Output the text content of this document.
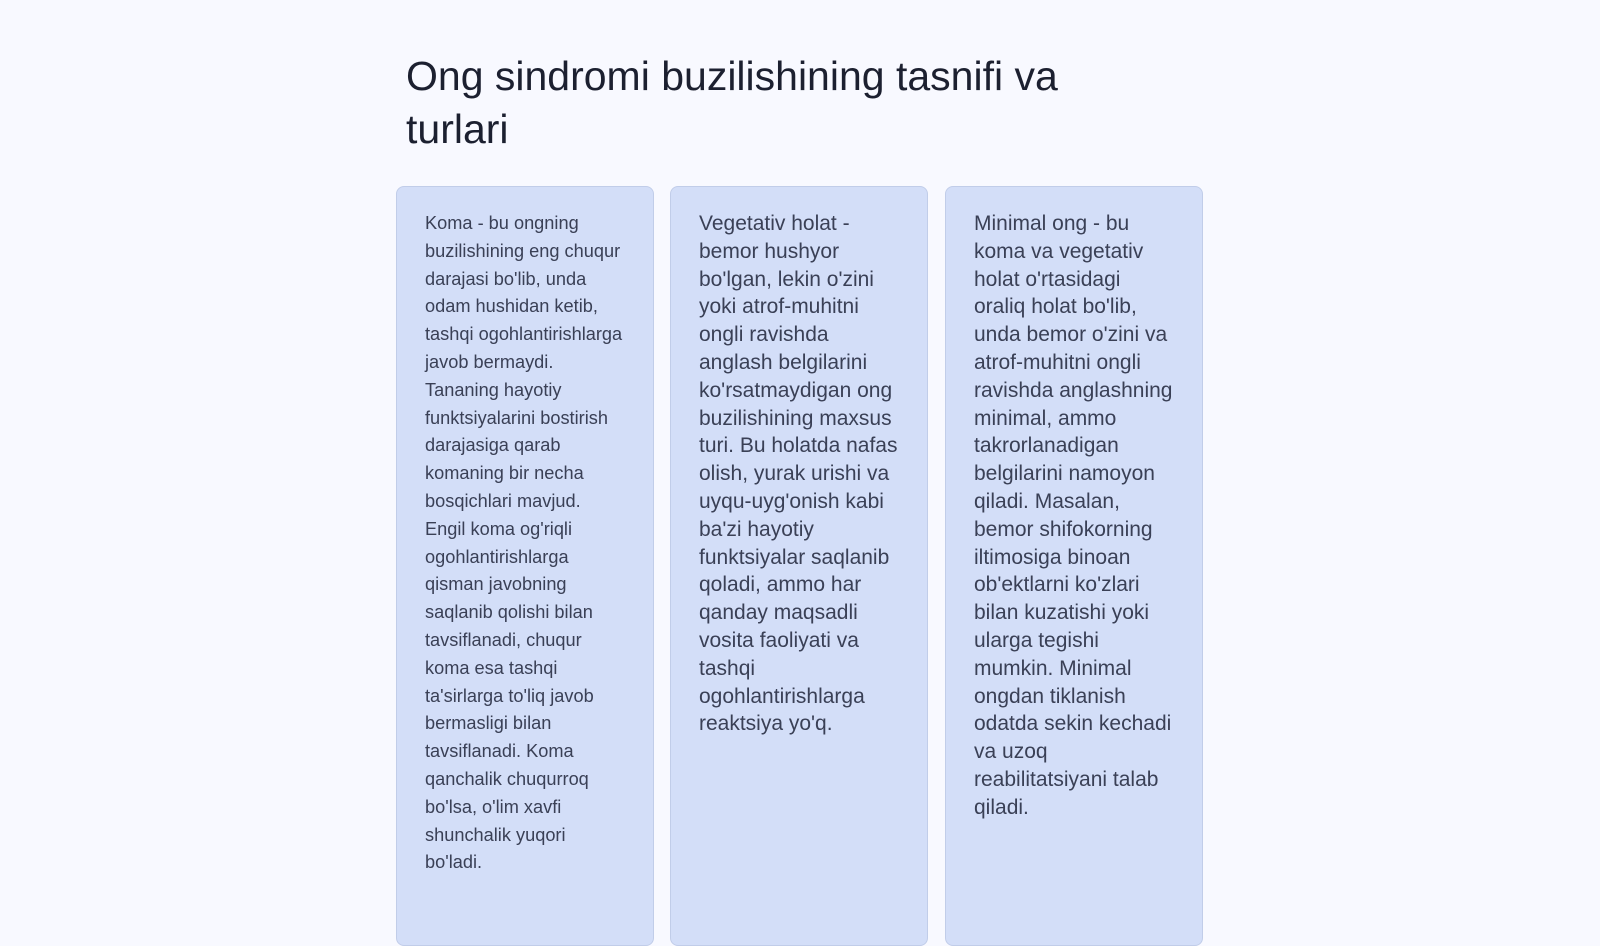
Ong sindromi buzilishining tasnifi va turlari

Koma - bu ongning buzilishining eng chuqur darajasi bo'lib, unda odam hushidan ketib, tashqi ogohlantirishlarga javob bermaydi. Tananing hayotiy funktsiyalarini bostirish darajasiga qarab komaning bir necha bosqichlari mavjud. Engil koma og'riqli ogohlantirishlarga qisman javobning saqlanib qolishi bilan tavsiflanadi, chuqur koma esa tashqi ta'sirlarga to'liq javob bermasligi bilan tavsiflanadi. Koma qanchalik chuqurroq bo'lsa, o'lim xavfi shunchalik yuqori bo'ladi.

Vegetativ holat - bemor hushyor bo'lgan, lekin o'zini yoki atrof-muhitni ongli ravishda anglash belgilarini ko'rsatmaydigan ong buzilishining maxsus turi. Bu holatda nafas olish, yurak urishi va uyqu-uyg'onish kabi ba'zi hayotiy funktsiyalar saqlanib qoladi, ammo har qanday maqsadli vosita faoliyati va tashqi ogohlantirishlarga reaktsiya yo'q.

Minimal ong - bu koma va vegetativ holat o'rtasidagi oraliq holat bo'lib, unda bemor o'zini va atrof-muhitni ongli ravishda anglashning minimal, ammo takrorlanadigan belgilarini namoyon qiladi. Masalan, bemor shifokorning iltimosiga binoan ob'ektlarni ko'zlari bilan kuzatishi yoki ularga tegishi mumkin. Minimal ongdan tiklanish odatda sekin kechadi va uzoq reabilitatsiyani talab qiladi.
